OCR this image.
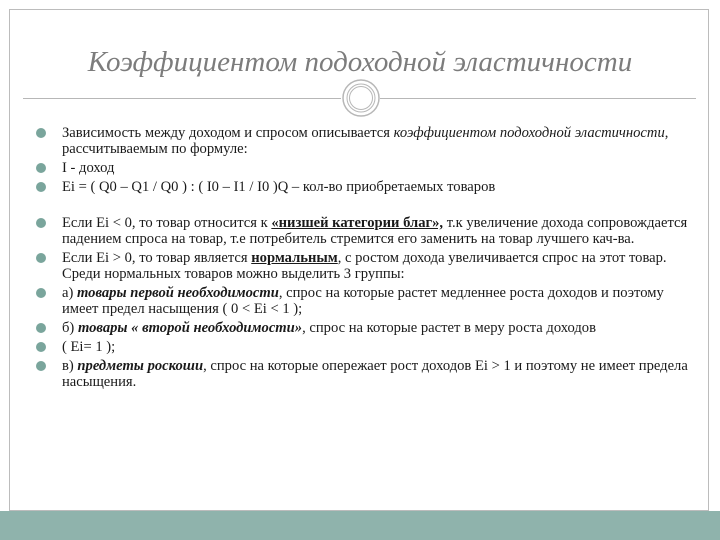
Коэффициентом подоходной эластичности
Зависимость между доходом и спросом описывается коэффициентом подоходной эластичности, рассчитываемым по формуле:
I - доход
Ei = ( Q0 – Q1 / Q0 ) : ( I0 – I1 / I0 )Q – кол-во приобретаемых товаров
Если Ei < 0, то товар относится к «низшей категории благ», т.к увеличение дохода сопровождается падением спроса на товар, т.е потребитель стремится его заменить на товар лучшего кач-ва.
Если Ei > 0, то товар является нормальным, с ростом дохода увеличивается спрос на этот товар. Среди нормальных товаров можно выделить 3 группы:
а) товары первой необходимости, спрос на которые растет медленнее роста доходов и поэтому имеет предел насыщения ( 0 < Ei < 1 );
б) товары « второй необходимости», спрос на которые растет в меру роста доходов
( Ei= 1 );
в) предметы роскоши, спрос на которые опережает рост доходов Ei > 1 и поэтому не имеет предела насыщения.
